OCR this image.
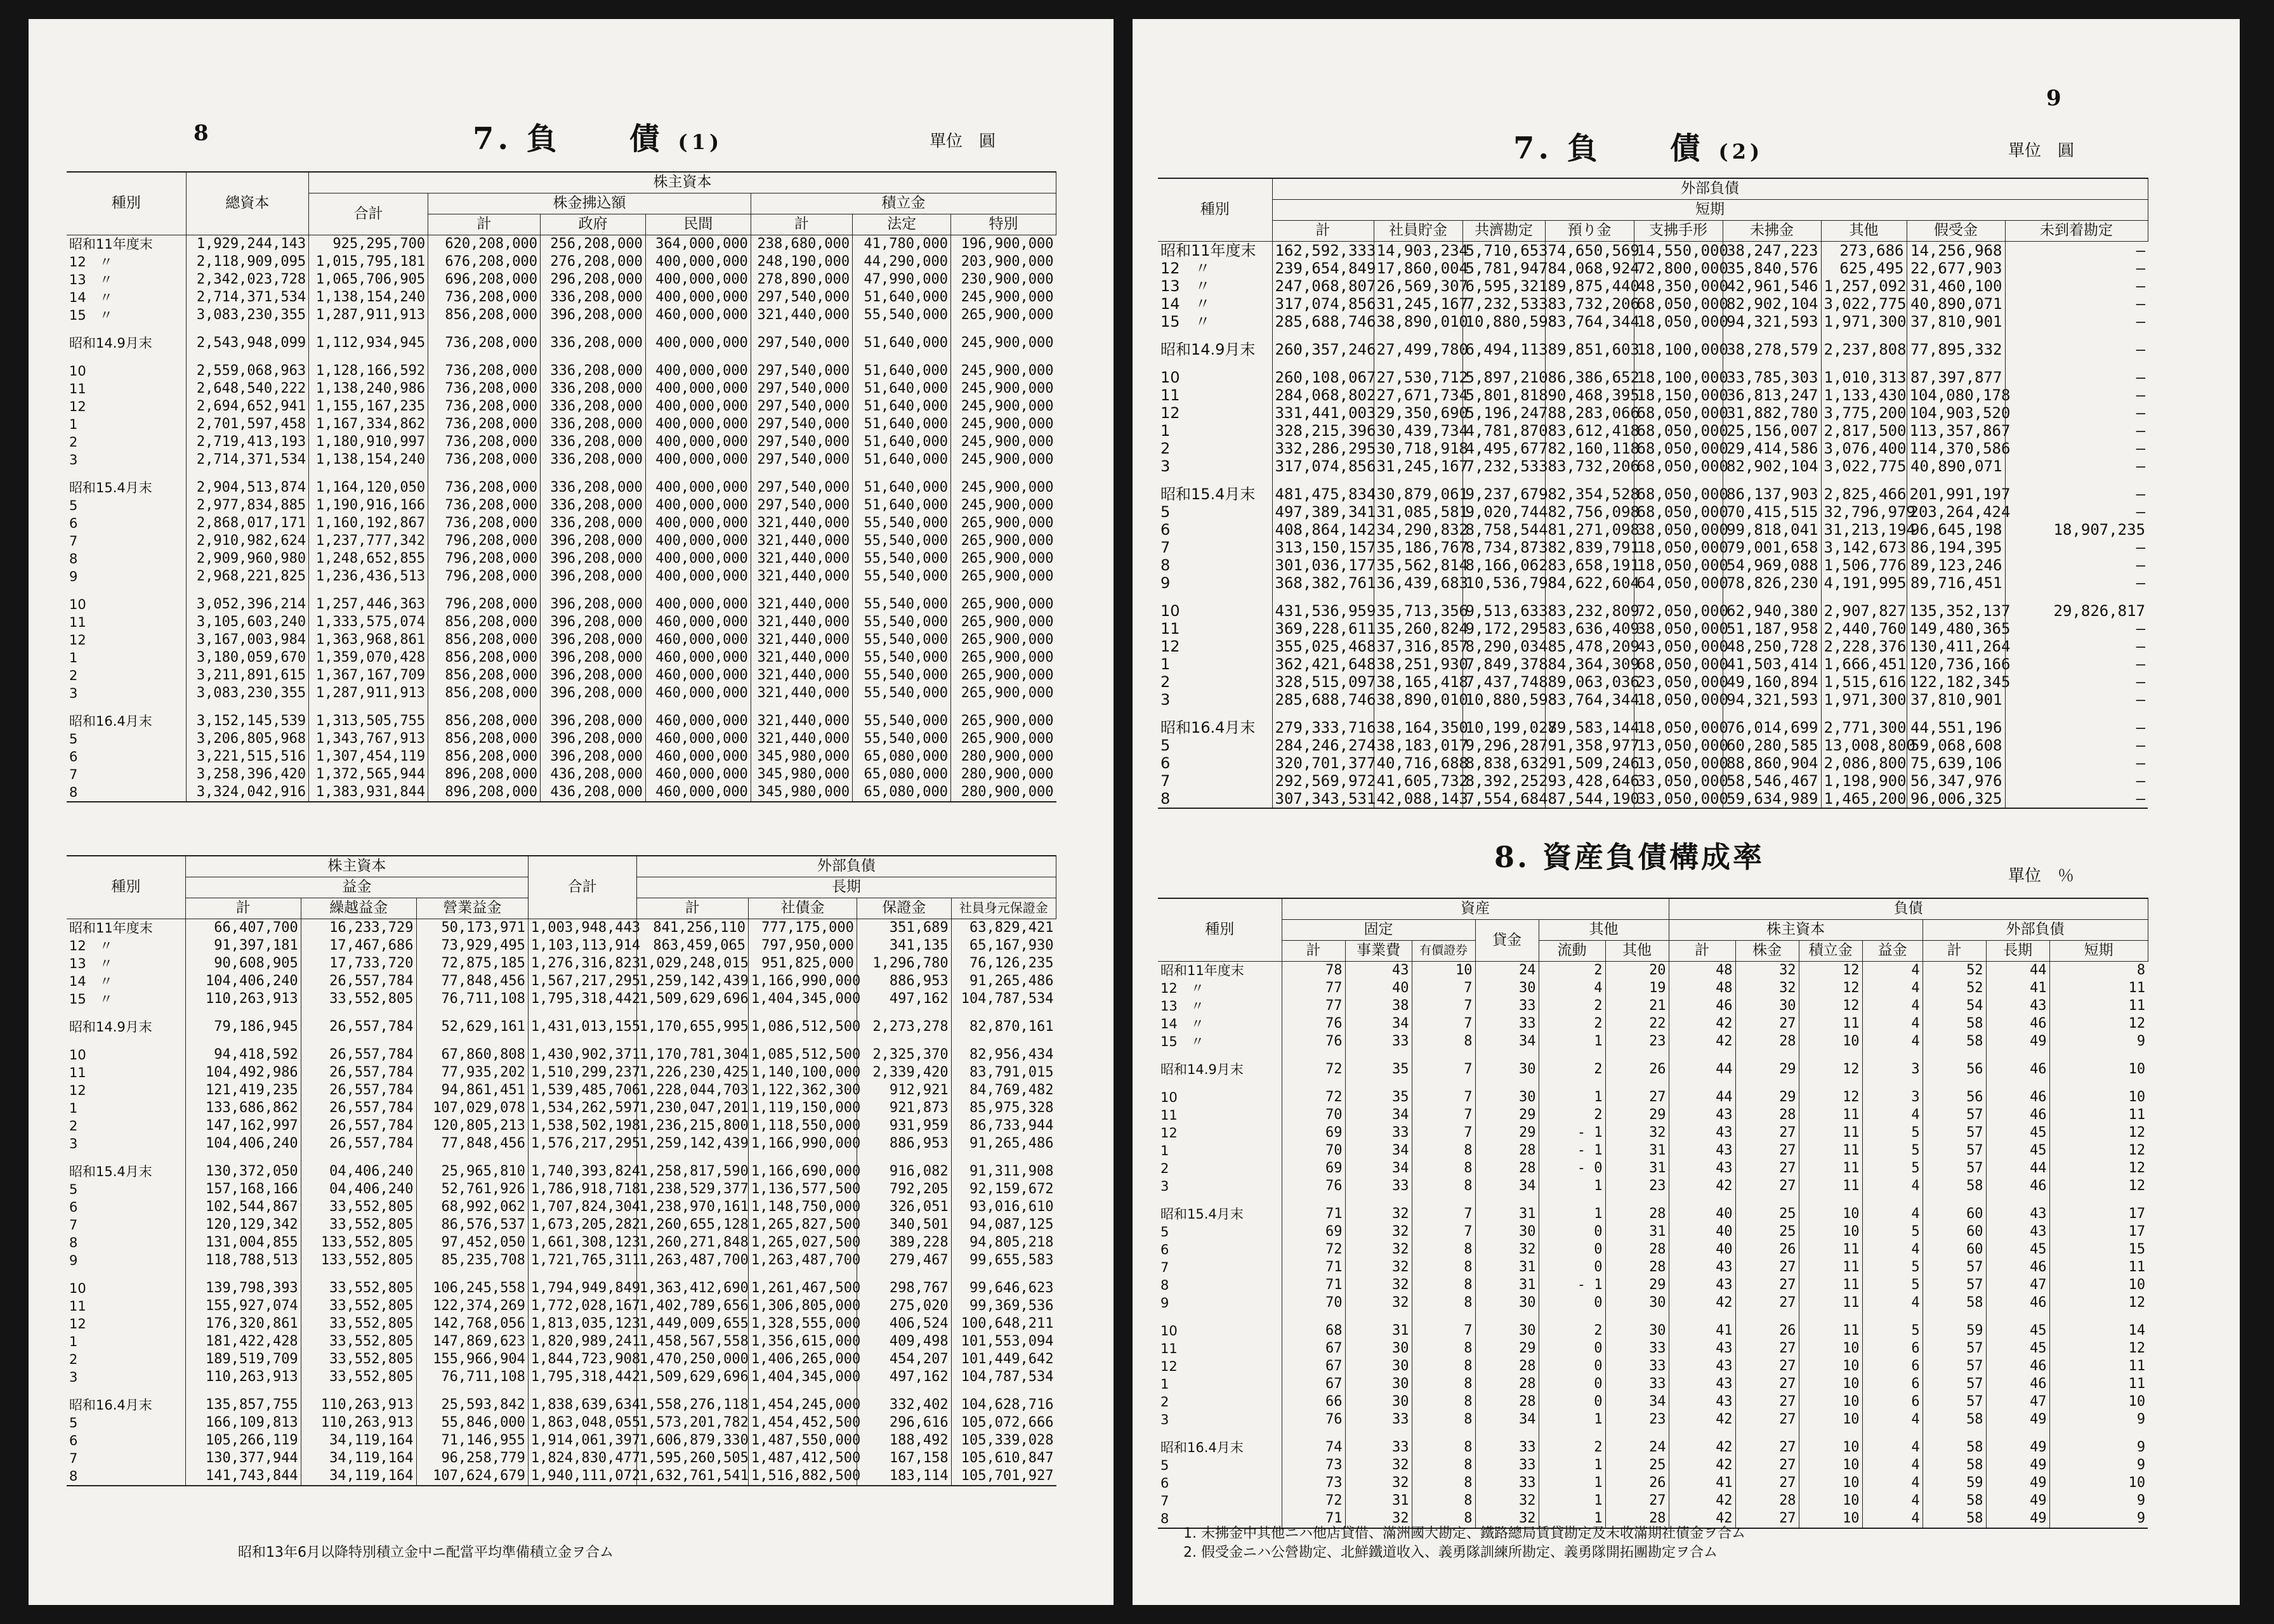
8	7. 負　　債 (1)	單位　圓
種別	總資本	株主資本						
		合計	株金拂込額			積立金		
			計	政府	民間	計	法定	特別
昭和11年度末	1,929,244,143	925,295,700	620,208,000	256,208,000	364,000,000	238,680,000	41,780,000	196,900,000
12　〃	2,118,909,095	1,015,795,181	676,208,000	276,208,000	400,000,000	248,190,000	44,290,000	203,900,000
13　〃	2,342,023,728	1,065,706,905	696,208,000	296,208,000	400,000,000	278,890,000	47,990,000	230,900,000
14　〃	2,714,371,534	1,138,154,240	736,208,000	336,208,000	400,000,000	297,540,000	51,640,000	245,900,000
15　〃	3,083,230,355	1,287,911,913	856,208,000	396,208,000	460,000,000	321,440,000	55,540,000	265,900,000

昭和14.9月末	2,543,948,099	1,112,934,945	736,208,000	336,208,000	400,000,000	297,540,000	51,640,000	245,900,000

10	2,559,068,963	1,128,166,592	736,208,000	336,208,000	400,000,000	297,540,000	51,640,000	245,900,000
11	2,648,540,222	1,138,240,986	736,208,000	336,208,000	400,000,000	297,540,000	51,640,000	245,900,000
12	2,694,652,941	1,155,167,235	736,208,000	336,208,000	400,000,000	297,540,000	51,640,000	245,900,000
1	2,701,597,458	1,167,334,862	736,208,000	336,208,000	400,000,000	297,540,000	51,640,000	245,900,000
2	2,719,413,193	1,180,910,997	736,208,000	336,208,000	400,000,000	297,540,000	51,640,000	245,900,000
3	2,714,371,534	1,138,154,240	736,208,000	336,208,000	400,000,000	297,540,000	51,640,000	245,900,000

昭和15.4月末	2,904,513,874	1,164,120,050	736,208,000	336,208,000	400,000,000	297,540,000	51,640,000	245,900,000
5	2,977,834,885	1,190,916,166	736,208,000	336,208,000	400,000,000	297,540,000	51,640,000	245,900,000
6	2,868,017,171	1,160,192,867	736,208,000	336,208,000	400,000,000	321,440,000	55,540,000	265,900,000
7	2,910,982,624	1,237,777,342	796,208,000	396,208,000	400,000,000	321,440,000	55,540,000	265,900,000
8	2,909,960,980	1,248,652,855	796,208,000	396,208,000	400,000,000	321,440,000	55,540,000	265,900,000
9	2,968,221,825	1,236,436,513	796,208,000	396,208,000	400,000,000	321,440,000	55,540,000	265,900,000

10	3,052,396,214	1,257,446,363	796,208,000	396,208,000	400,000,000	321,440,000	55,540,000	265,900,000
11	3,105,603,240	1,333,575,074	856,208,000	396,208,000	460,000,000	321,440,000	55,540,000	265,900,000
12	3,167,003,984	1,363,968,861	856,208,000	396,208,000	460,000,000	321,440,000	55,540,000	265,900,000
1	3,180,059,670	1,359,070,428	856,208,000	396,208,000	460,000,000	321,440,000	55,540,000	265,900,000
2	3,211,891,615	1,367,167,709	856,208,000	396,208,000	460,000,000	321,440,000	55,540,000	265,900,000
3	3,083,230,355	1,287,911,913	856,208,000	396,208,000	460,000,000	321,440,000	55,540,000	265,900,000

昭和16.4月末	3,152,145,539	1,313,505,755	856,208,000	396,208,000	460,000,000	321,440,000	55,540,000	265,900,000
5	3,206,805,968	1,343,767,913	856,208,000	396,208,000	460,000,000	321,440,000	55,540,000	265,900,000
6	3,221,515,516	1,307,454,119	856,208,000	396,208,000	460,000,000	345,980,000	65,080,000	280,900,000
7	3,258,396,420	1,372,565,944	896,208,000	436,208,000	460,000,000	345,980,000	65,080,000	280,900,000
8	3,324,042,916	1,383,931,844	896,208,000	436,208,000	460,000,000	345,980,000	65,080,000	280,900,000
種別	株主資本			合計	外部負債			
	益金				長期			
	計	繰越益金	營業益金		計	社債金	保證金	社員身元保證金
昭和11年度末	66,407,700	16,233,729	50,173,971	1,003,948,443	841,256,110	777,175,000	351,689	63,829,421
12　〃	91,397,181	17,467,686	73,929,495	1,103,113,914	863,459,065	797,950,000	341,135	65,167,930
13　〃	90,608,905	17,733,720	72,875,185	1,276,316,823	1,029,248,015	951,825,000	1,296,780	76,126,235
14　〃	104,406,240	26,557,784	77,848,456	1,567,217,295	1,259,142,439	1,166,990,000	886,953	91,265,486
15　〃	110,263,913	33,552,805	76,711,108	1,795,318,442	1,509,629,696	1,404,345,000	497,162	104,787,534

昭和14.9月末	79,186,945	26,557,784	52,629,161	1,431,013,155	1,170,655,995	1,086,512,500	2,273,278	82,870,161

10	94,418,592	26,557,784	67,860,808	1,430,902,371	1,170,781,304	1,085,512,500	2,325,370	82,956,434
11	104,492,986	26,557,784	77,935,202	1,510,299,237	1,226,230,425	1,140,100,000	2,339,420	83,791,015
12	121,419,235	26,557,784	94,861,451	1,539,485,706	1,228,044,703	1,122,362,300	912,921	84,769,482
1	133,686,862	26,557,784	107,029,078	1,534,262,597	1,230,047,201	1,119,150,000	921,873	85,975,328
2	147,162,997	26,557,784	120,805,213	1,538,502,198	1,236,215,800	1,118,550,000	931,959	86,733,944
3	104,406,240	26,557,784	77,848,456	1,576,217,295	1,259,142,439	1,166,990,000	886,953	91,265,486

昭和15.4月末	130,372,050	04,406,240	25,965,810	1,740,393,824	1,258,817,590	1,166,690,000	916,082	91,311,908
5	157,168,166	04,406,240	52,761,926	1,786,918,718	1,238,529,377	1,136,577,500	792,205	92,159,672
6	102,544,867	33,552,805	68,992,062	1,707,824,304	1,238,970,161	1,148,750,000	326,051	93,016,610
7	120,129,342	33,552,805	86,576,537	1,673,205,282	1,260,655,128	1,265,827,500	340,501	94,087,125
8	131,004,855	133,552,805	97,452,050	1,661,308,123	1,260,271,848	1,265,027,500	389,228	94,805,218
9	118,788,513	133,552,805	85,235,708	1,721,765,311	1,263,487,700	1,263,487,700	279,467	99,655,583

10	139,798,393	33,552,805	106,245,558	1,794,949,849	1,363,412,690	1,261,467,500	298,767	99,646,623
11	155,927,074	33,552,805	122,374,269	1,772,028,167	1,402,789,656	1,306,805,000	275,020	99,369,536
12	176,320,861	33,552,805	142,768,056	1,813,035,123	1,449,009,655	1,328,555,000	406,524	100,648,211
1	181,422,428	33,552,805	147,869,623	1,820,989,241	1,458,567,558	1,356,615,000	409,498	101,553,094
2	189,519,709	33,552,805	155,966,904	1,844,723,908	1,470,250,000	1,406,265,000	454,207	101,449,642
3	110,263,913	33,552,805	76,711,108	1,795,318,442	1,509,629,696	1,404,345,000	497,162	104,787,534

昭和16.4月末	135,857,755	110,263,913	25,593,842	1,838,639,634	1,558,276,118	1,454,245,000	332,402	104,628,716
5	166,109,813	110,263,913	55,846,000	1,863,048,055	1,573,201,782	1,454,452,500	296,616	105,072,666
6	105,266,119	34,119,164	71,146,955	1,914,061,397	1,606,879,330	1,487,550,000	188,492	105,339,028
7	130,377,944	34,119,164	96,258,779	1,824,830,477	1,595,260,505	1,487,412,500	167,158	105,610,847
8	141,743,844	34,119,164	107,624,679	1,940,111,072	1,632,761,541	1,516,882,500	183,114	105,701,927
昭和13年6月以降特別積立金中ニ配當平均準備積立金ヲ合ム
9
7. 負　　債 (2)	單位　圓
種別	外部負債								
	短期								
	計	社員貯金	共濟勘定	預り金	支拂手形	未拂金	其他	假受金	未到着勘定
昭和11年度末	162,592,333	14,903,234	5,710,653	74,650,569	14,550,000	38,247,223	273,686	14,256,968	—
12　〃	239,654,849	17,860,004	5,781,947	84,068,924	72,800,000	35,840,576	625,495	22,677,903	—
13　〃	247,068,807	26,569,307	6,595,321	89,875,440	48,350,000	42,961,546	1,257,092	31,460,100	—
14　〃	317,074,856	31,245,167	7,232,533	83,732,206	68,050,000	82,902,104	3,022,775	40,890,071	—
15　〃	285,688,746	38,890,010	10,880,598	83,764,344	18,050,000	94,321,593	1,971,300	37,810,901	—

昭和14.9月末	260,357,246	27,499,780	6,494,113	89,851,603	18,100,000	38,278,579	2,237,808	77,895,332	—

10	260,108,067	27,530,712	5,897,210	86,386,652	18,100,000	33,785,303	1,010,313	87,397,877	—
11	284,068,802	27,671,734	5,801,818	90,468,395	18,150,000	36,813,247	1,133,430	104,080,178	—
12	331,441,003	29,350,690	5,196,247	88,283,066	68,050,000	31,882,780	3,775,200	104,903,520	—
1	328,215,396	30,439,734	4,781,870	83,612,418	68,050,000	25,156,007	2,817,500	113,357,867	—
2	332,286,295	30,718,918	4,495,677	82,160,118	68,050,000	29,414,586	3,076,400	114,370,586	—
3	317,074,856	31,245,167	7,232,533	83,732,206	68,050,000	82,902,104	3,022,775	40,890,071	—

昭和15.4月末	481,475,834	30,879,061	9,237,679	82,354,528	68,050,000	86,137,903	2,825,466	201,991,197	—
5	497,389,341	31,085,581	9,020,744	82,756,098	68,050,000	70,415,515	32,796,979	203,264,424	—
6	408,864,142	34,290,832	8,758,544	81,271,098	38,050,000	99,818,041	31,213,194	96,645,198	18,907,235
7	313,150,157	35,186,767	8,734,873	82,839,791	18,050,000	79,001,658	3,142,673	86,194,395	—
8	301,036,177	35,562,814	8,166,062	83,658,191	18,050,000	54,969,088	1,506,776	89,123,246	—
9	368,382,761	36,439,683	10,536,798	84,622,604	64,050,000	78,826,230	4,191,995	89,716,451	—

10	431,536,959	35,713,356	9,513,633	83,232,809	72,050,000	62,940,380	2,907,827	135,352,137	29,826,817
11	369,228,611	35,260,824	9,172,295	83,636,409	38,050,000	51,187,958	2,440,760	149,480,365	—
12	355,025,468	37,316,857	8,290,034	85,478,209	43,050,000	48,250,728	2,228,376	130,411,264	—
1	362,421,648	38,251,930	7,849,378	84,364,309	68,050,000	41,503,414	1,666,451	120,736,166	—
2	328,515,097	38,165,418	7,437,748	89,063,036	23,050,000	49,160,894	1,515,616	122,182,345	—
3	285,688,746	38,890,010	10,880,598	83,764,344	18,050,000	94,321,593	1,971,300	37,810,901	—

昭和16.4月末	279,333,716	38,164,350	10,199,027	89,583,144	18,050,000	76,014,699	2,771,300	44,551,196	—
5	284,246,274	38,183,017	9,296,287	91,358,977	13,050,000	60,280,585	13,008,800	59,068,608	—
6	320,701,377	40,716,688	8,838,632	91,509,246	13,050,000	88,860,904	2,086,800	75,639,106	—
7	292,569,972	41,605,732	8,392,252	93,428,646	33,050,000	58,546,467	1,198,900	56,347,976	—
8	307,343,531	42,088,143	7,554,684	87,544,190	33,050,000	59,634,989	1,465,200	96,006,325	—
8. 資産負債構成率
單位　％
種別	資産						負債						
	固定			貸金	其他		株主資本				外部負債		
	計	事業費	有價證券		流動	其他	計	株金	積立金	益金	計	長期	短期
昭和11年度末	78	43	10	24	2	20	48	32	12	4	52	44	8
12　〃	77	40	7	30	4	19	48	32	12	4	52	41	11
13　〃	77	38	7	33	2	21	46	30	12	4	54	43	11
14　〃	76	34	7	33	2	22	42	27	11	4	58	46	12
15　〃	76	33	8	34	1	23	42	28	10	4	58	49	9

昭和14.9月末	72	35	7	30	2	26	44	29	12	3	56	46	10

10	72	35	7	30	1	27	44	29	12	3	56	46	10
11	70	34	7	29	2	29	43	28	11	4	57	46	11
12	69	33	7	29	- 1	32	43	27	11	5	57	45	12
1	70	34	8	28	- 1	31	43	27	11	5	57	45	12
2	69	34	8	28	- 0	31	43	27	11	5	57	44	12
3	76	33	8	34	1	23	42	27	11	4	58	46	12

昭和15.4月末	71	32	7	31	1	28	40	25	10	4	60	43	17
5	69	32	7	30	0	31	40	25	10	5	60	43	17
6	72	32	8	32	0	28	40	26	11	4	60	45	15
7	71	32	8	31	0	28	43	27	11	5	57	46	11
8	71	32	8	31	- 1	29	43	27	11	5	57	47	10
9	70	32	8	30	0	30	42	27	11	4	58	46	12

10	68	31	7	30	2	30	41	26	11	5	59	45	14
11	67	30	8	29	0	33	43	27	10	6	57	45	12
12	67	30	8	28	0	33	43	27	10	6	57	46	11
1	67	30	8	28	0	33	43	27	10	6	57	46	11
2	66	30	8	28	0	34	43	27	10	6	57	47	10
3	76	33	8	34	1	23	42	27	10	4	58	49	9

昭和16.4月末	74	33	8	33	2	24	42	27	10	4	58	49	9
5	73	32	8	33	1	25	42	27	10	4	58	49	9
6	73	32	8	33	1	26	41	27	10	4	59	49	10
7	72	31	8	32	1	27	42	28	10	4	58	49	9
8	71	32	8	32	1	28	42	27	10	4	58	49	9
1. 未拂金中其他ニハ他店貸借、滿洲國大勘定、鐵路總局賃貸勘定及未收滿期社債金ヲ合ム
2. 假受金ニハ公營勘定、北鮮鐵道收入、義勇隊訓練所勘定、義勇隊開拓團勘定ヲ合ム
